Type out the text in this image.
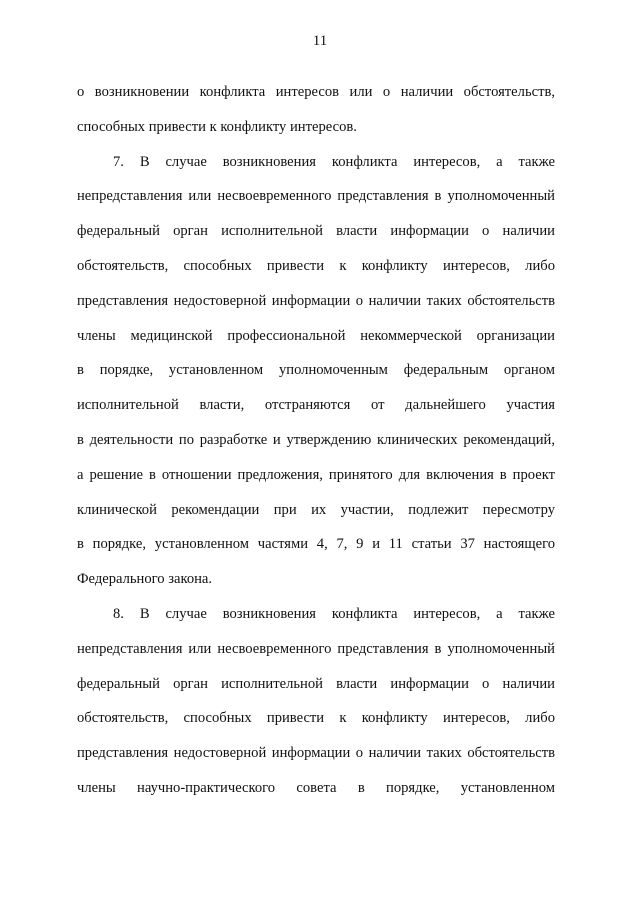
11
о возникновении конфликта интересов или о наличии обстоятельств,
способных привести к конфликту интересов.
7. В случае возникновения конфликта интересов, а также
непредставления или несвоевременного представления в уполномоченный
федеральный орган исполнительной власти информации о наличии
обстоятельств, способных привести к конфликту интересов, либо
представления недостоверной информации о наличии таких обстоятельств
члены медицинской профессиональной некоммерческой организации
в порядке, установленном уполномоченным федеральным органом
исполнительной власти, отстраняются от дальнейшего участия
в деятельности по разработке и утверждению клинических рекомендаций,
а решение в отношении предложения, принятого для включения в проект
клинической рекомендации при их участии, подлежит пересмотру
в порядке, установленном частями 4, 7, 9 и 11 статьи 37 настоящего
Федерального закона.
8. В случае возникновения конфликта интересов, а также
непредставления или несвоевременного представления в уполномоченный
федеральный орган исполнительной власти информации о наличии
обстоятельств, способных привести к конфликту интересов, либо
представления недостоверной информации о наличии таких обстоятельств
члены научно-практического совета в порядке, установленном
